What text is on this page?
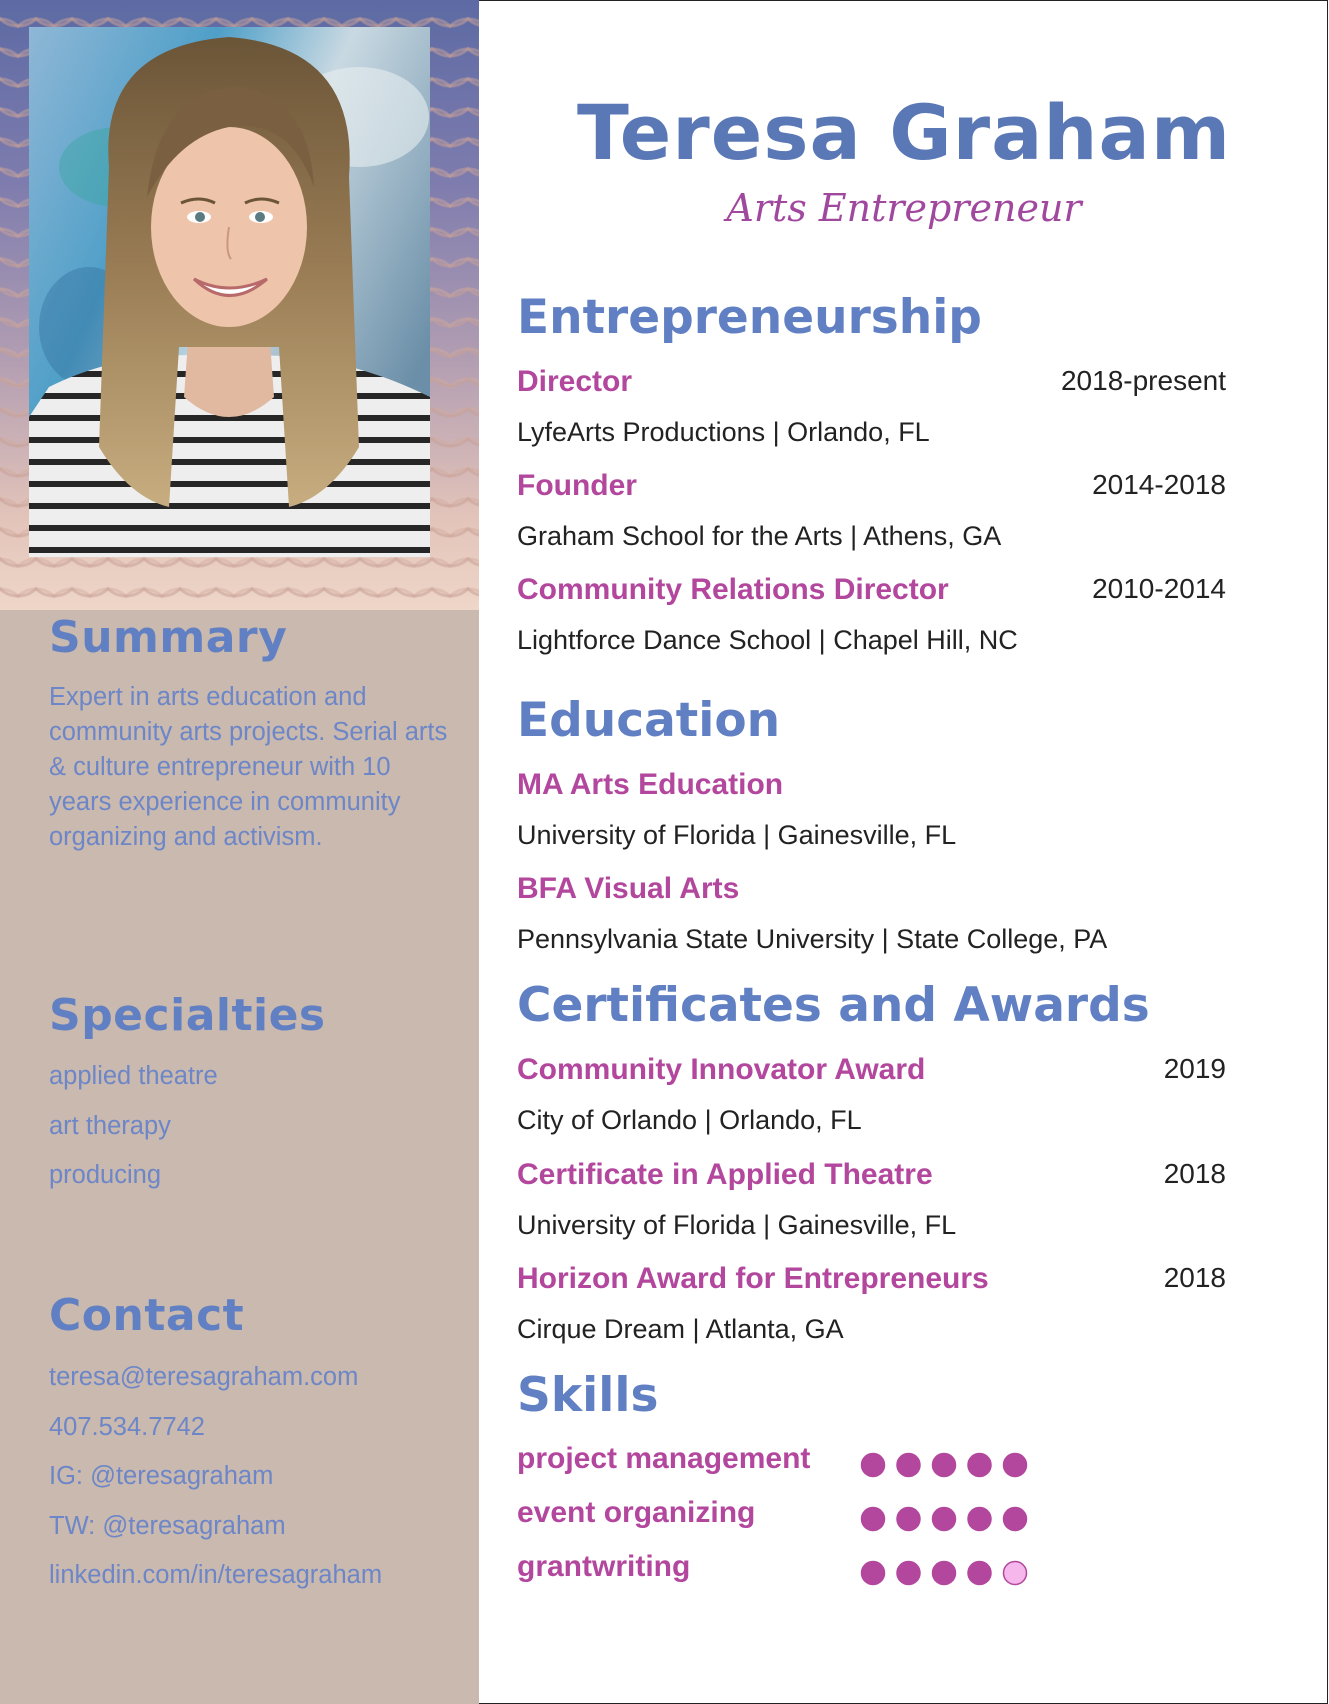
Summary

Expert in arts education and community arts projects. Serial arts & culture entrepreneur with 10 years experience in community organizing and activism.

Specialties
applied theatre
art therapy
producing
Contact
teresa@teresagraham.com
407.534.7742
IG: @teresagraham
TW: @teresagraham
linkedin.com/in/teresagraham
Teresa Graham
Arts Entrepreneur
Entrepreneurship
Director	2018-present
LyfeArts Productions | Orlando, FL
Founder	2014-2018
Graham School for the Arts | Athens, GA
Community Relations Director	2010-2014
Lightforce Dance School | Chapel Hill, NC
Education
MA Arts Education
University of Florida | Gainesville, FL
BFA Visual Arts
Pennsylvania State University | State College, PA
Certificates and Awards
Community Innovator Award	2019
City of Orlando | Orlando, FL
Certificate in Applied Theatre	2018
University of Florida | Gainesville, FL
Horizon Award for Entrepreneurs	2018
Cirque Dream | Atlanta, GA
Skills
project management
event organizing
grantwriting
